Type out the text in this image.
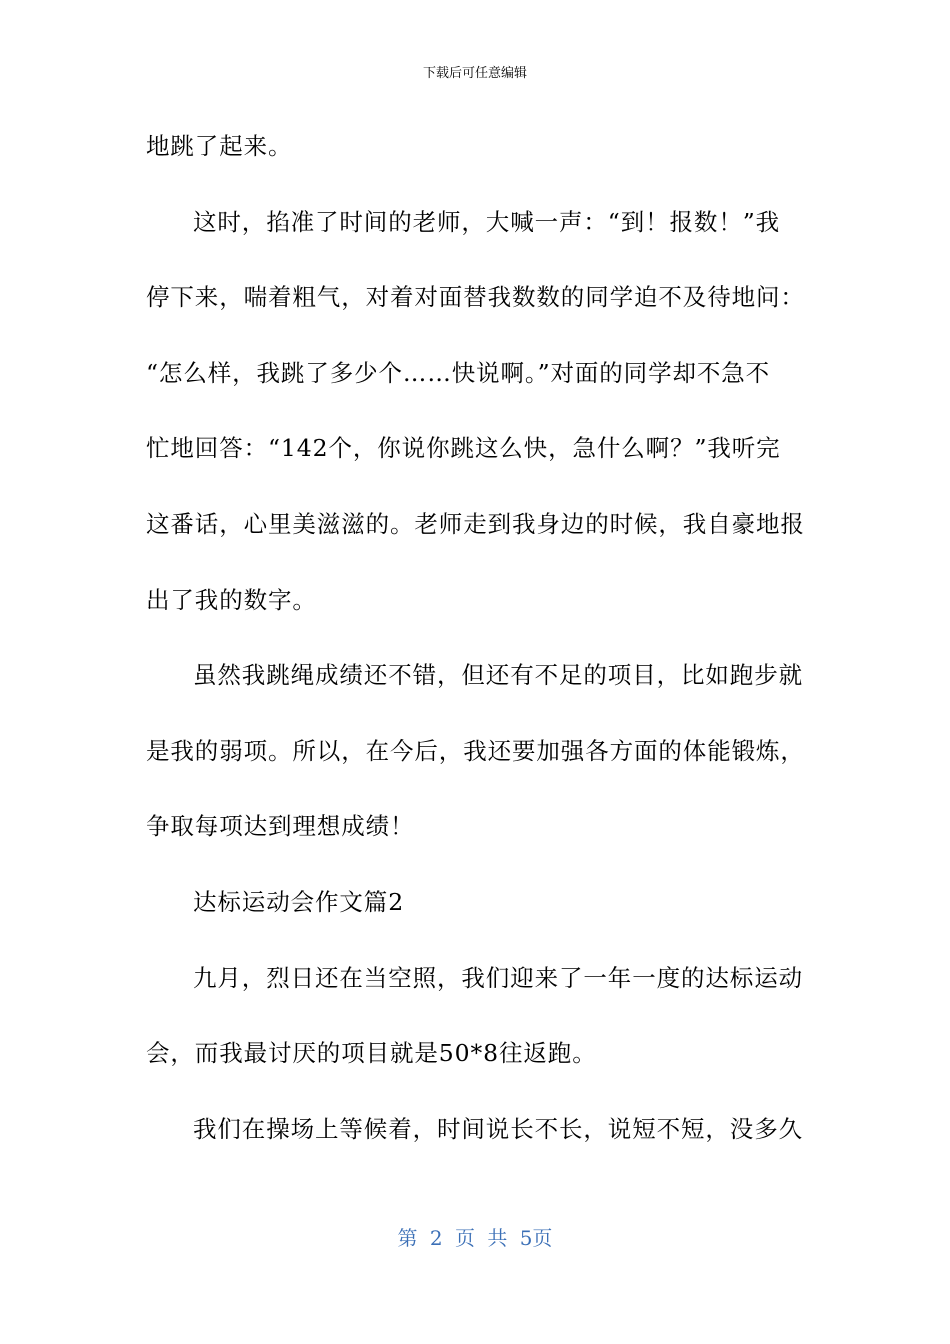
下载后可任意编辑
地跳了起来。
这时，掐准了时间的老师，大喊一声：“到！报数！”我
停下来，喘着粗气，对着对面替我数数的同学迫不及待地问：
“怎么样，我跳了多少个……快说啊。”对面的同学却不急不
忙地回答：“142个，你说你跳这么快，急什么啊？”我听完
这番话，心里美滋滋的。老师走到我身边的时候，我自豪地报
出了我的数字。
虽然我跳绳成绩还不错，但还有不足的项目，比如跑步就
是我的弱项。所以，在今后，我还要加强各方面的体能锻炼，
争取每项达到理想成绩！
达标运动会作文篇2
九月，烈日还在当空照，我们迎来了一年一度的达标运动
会，而我最讨厌的项目就是50*8往返跑。
我们在操场上等候着，时间说长不长，说短不短，没多久
第 2 页 共 5页
